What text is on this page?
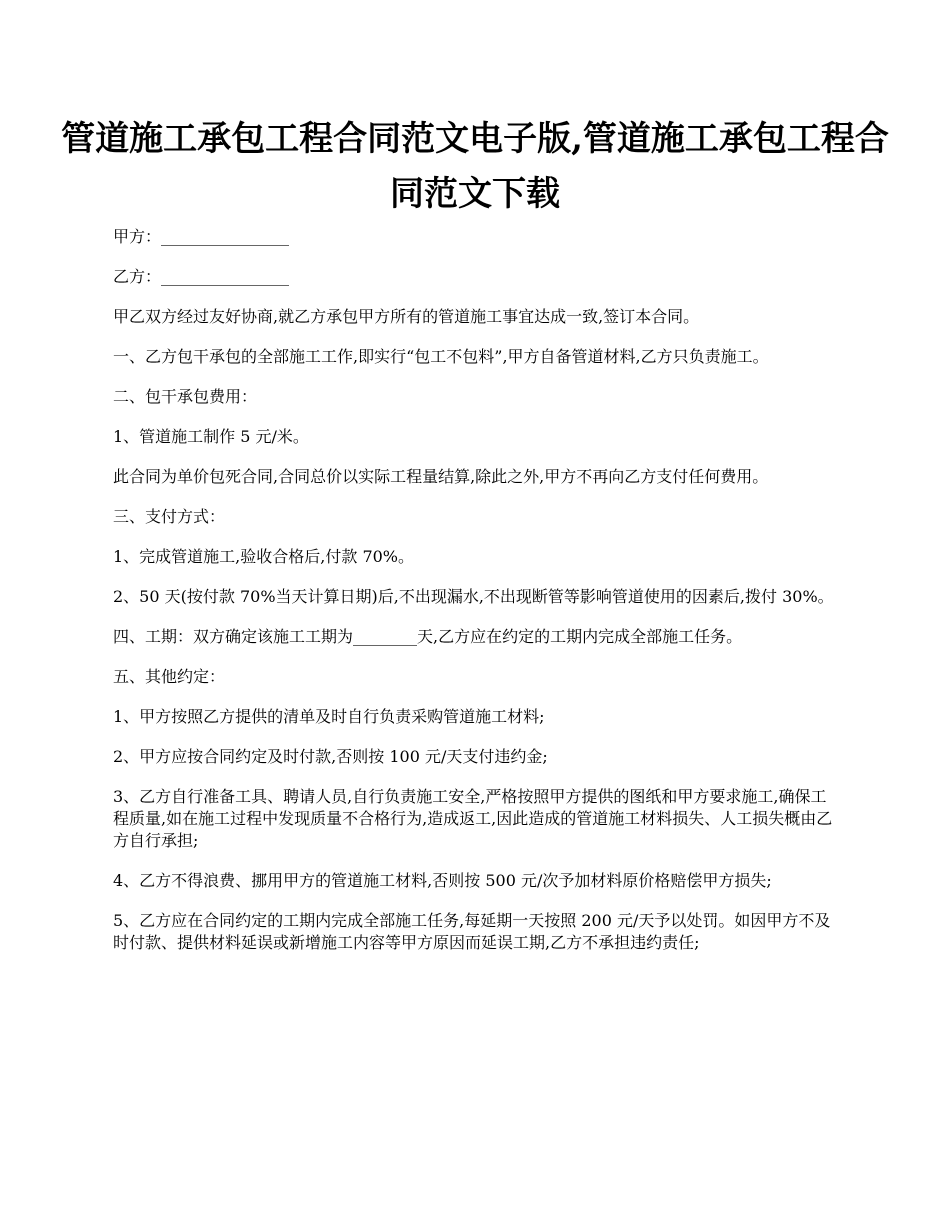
管道施工承包工程合同范文电子版,管道施工承包工程合同范文下载

甲方：________________

乙方：________________

甲乙双方经过友好协商,就乙方承包甲方所有的管道施工事宜达成一致,签订本合同。

一、乙方包干承包的全部施工工作,即实行“包工不包料”,甲方自备管道材料,乙方只负责施工。

二、包干承包费用：

1、管道施工制作 5 元/米。

此合同为单价包死合同,合同总价以实际工程量结算,除此之外,甲方不再向乙方支付任何费用。

三、支付方式：

1、完成管道施工,验收合格后,付款 70%。

2、50 天(按付款 70%当天计算日期)后,不出现漏水,不出现断管等影响管道使用的因素后,拨付 30%。

四、工期：双方确定该施工工期为________天,乙方应在约定的工期内完成全部施工任务。

五、其他约定：

1、甲方按照乙方提供的清单及时自行负责采购管道施工材料;

2、甲方应按合同约定及时付款,否则按 100 元/天支付违约金;

3、乙方自行准备工具、聘请人员,自行负责施工安全,严格按照甲方提供的图纸和甲方要求施工,确保工程质量,如在施工过程中发现质量不合格行为,造成返工,因此造成的管道施工材料损失、人工损失概由乙方自行承担;

4、乙方不得浪费、挪用甲方的管道施工材料,否则按 500 元/次予加材料原价格赔偿甲方损失;

5、乙方应在合同约定的工期内完成全部施工任务,每延期一天按照 200 元/天予以处罚。如因甲方不及时付款、提供材料延误或新增施工内容等甲方原因而延误工期,乙方不承担违约责任;
